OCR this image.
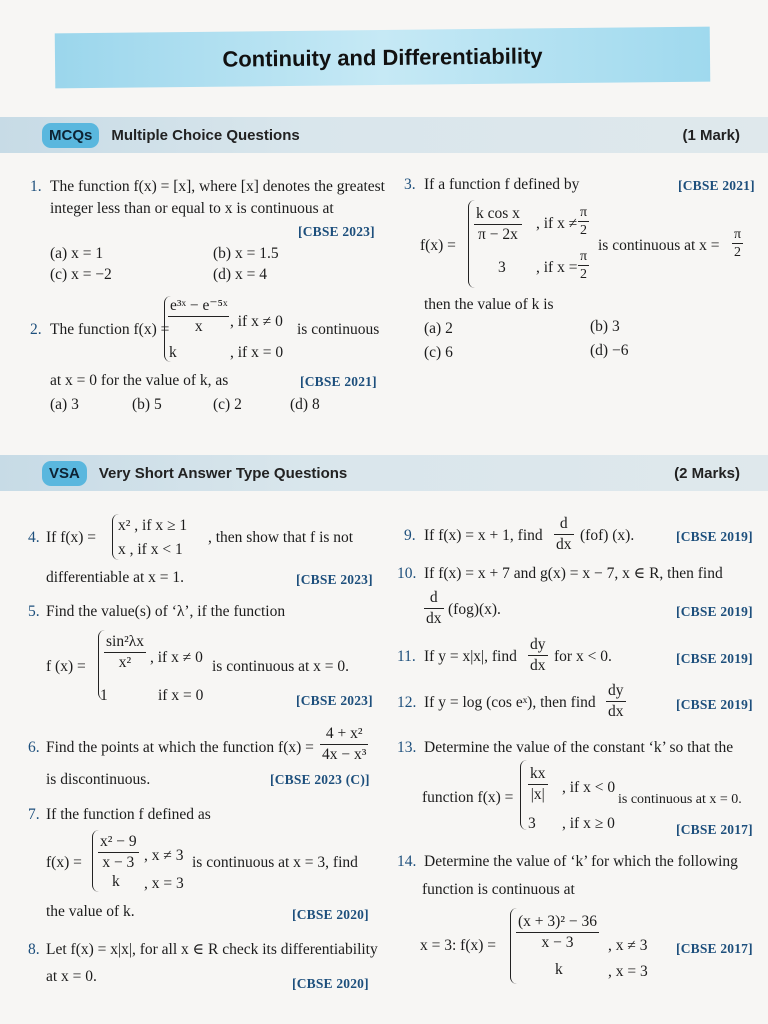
Continuity and Differentiability
MCQs	Multiple Choice Questions	(1 Mark)
1. The function f(x) = [x], where [x] denotes the greatest
integer less than or equal to x is continuous at
[CBSE 2023]
(a) x = 1	(b) x = 1.5
(c) x = −2	(d) x = 4
2. The function f(x) =
$\frac{\text{e³ˣ − e⁻⁵ˣ}}{x}$ , if x ≠ 0
k	, if x = 0
is continuous
at x = 0 for the value of k, as	[CBSE 2021]
(a) 3	(b) 5	(c) 2	(d) 8
3. If a function f defined by	[CBSE 2021]
f(x) =
$\frac{\text{k cos x}}{\pi - 2x}$ , if $x \ne \frac{\pi}{2}$
3 , if $x = \frac{\pi}{2}$
is continuous at $x = \frac{\pi}{2}$
then the value of k is
(a) 2	(b) 3
(c) 6	(d) −6
VSA	Very Short Answer Type Questions	(2 Marks)
4. If f(x) =
x² , if x ≥ 1
x , if x < 1
, then show that f is not
differentiable at x = 1.	[CBSE 2023]
5. Find the value(s) of ‘λ’, if the function
f $(x) = \frac{\text{sin²λx}}{\text{x²}}$ , if x ≠ 0
1	if x = 0
is continuous at x = 0.
[CBSE 2023]
6. Find the points at which the function $f(x) = \frac{\text{4 + x²}}{\text{4x − x³}}$
is discontinuous.	[CBSE 2023 (C)]
7. If the function f defined as
$f(x) = \frac{\text{x² − 9}}{x - 3}$ , x ≠ 3
k , x = 3
is continuous at x = 3, find
the value of k.	[CBSE 2020]
8. Let f(x) = x|x|, for all x ∈ R check its differentiability
at x = 0.	[CBSE 2020]
9. If f(x) = x + 1, find $\frac{d}{dx} (fof)$ (x).	[CBSE 2019]
10. If f(x) = x + 7 and g(x) = x − 7, x ∈ R, then find
$\frac{d}{dx} (fog)(x)$.	[CBSE 2019]
11. If y = x|x|, find $\frac{dy}{dx}$ for x < 0.	[CBSE 2019]
12. If y = log (cos eˣ), then find $\frac{dy}{dx}$	[CBSE 2019]
13. Determine the value of the constant ‘k’ so that the
function $f(x) = \frac{kx}{|x|}$ , if x < 0
3 , if x ≥ 0
is continuous at x = 0.
[CBSE 2017]
14. Determine the value of ‘k’ for which the following
function is continuous at
x = 3: $f(x) = \frac{\text{(x + 3)² − 36}}{x - 3}$ , x ≠ 3
k	, x = 3
[CBSE 2017]
